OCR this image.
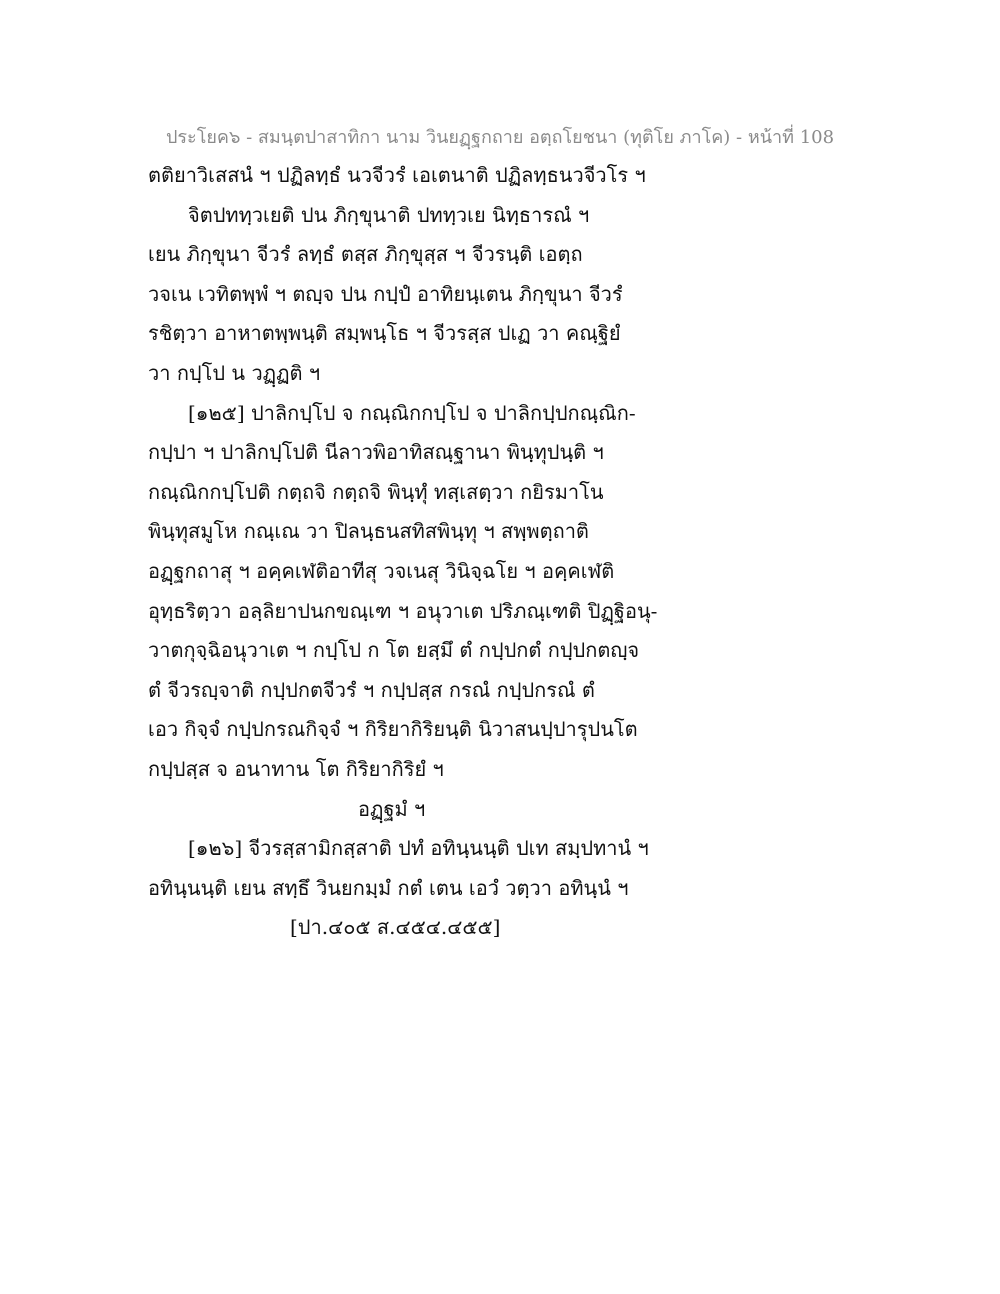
ประโยค๖ - สมนฺตปาสาทิกา นาม วินยฏฺฐกถาย อตฺถโยชนา (ทุติโย ภาโค) - หน้าที่ 108
ตติยาวิเสสนํ ฯ ปฏิลทฺธํ นวจีวรํ เอเตนาติ ปฏิลทฺธนวจีวโร ฯ
จิตปททฺวเยติ ปน ภิกฺขุนาติ ปททฺวเย นิทฺธารณํ ฯ
เยน ภิกฺขุนา จีวรํ ลทฺธํ ตสฺส ภิกฺขุสฺส ฯ จีวรนฺติ เอตฺถ
วจเน เวทิตพฺพํ ฯ ตญฺจ ปน กปฺปํ อาทิยนฺเตน ภิกฺขุนา จีวรํ
รชิตฺวา อาหาตพฺพนฺติ สมฺพนฺโธ ฯ จีวรสฺส ปเฏ วา คณฺฐิยํ
วา กปฺโป น วฏฺฏติ ฯ
[๑๒๕] ปาลิกปฺโป จ กณฺณิกกปฺโป จ ปาลิกปฺปกณฺณิก-
กปฺปา ฯ ปาลิกปฺโปติ นีลาวพิอาทิสณฺฐานา พินฺทุปนฺติ ฯ
กณฺณิกกปฺโปติ กตฺถจิ กตฺถจิ พินฺทุํ ทสฺเสตฺวา กยิรมาโน
พินฺทุสมูโห กณฺเณ วา ปิลนฺธนสทิสพินฺทุ ฯ สพฺพตฺถาติ
อฏฺฐกถาสุ ฯ อคฺคเฬติอาทีสุ วจเนสุ วินิจฺฉโย ฯ อคฺคเฬติ
อุทฺธริตฺวา อลฺลิยาปนกขณฺเฑ ฯ อนุวาเต ปริภณฺเฑติ ปิฏฺฐิอนุ-
วาตกุจฺฉิอนุวาเต ฯ กปฺโป ก โต ยสฺมึ ตํ กปฺปกตํ กปฺปกตญฺจ
ตํ จีวรญฺจาติ กปฺปกตจีวรํ ฯ กปฺปสฺส กรณํ กปฺปกรณํ ตํ
เอว กิจฺจํ กปฺปกรณกิจฺจํ ฯ กิริยากิริยนฺติ นิวาสนปฺปารุปนโต
กปฺปสฺส จ อนาทาน โต กิริยากิริยํ ฯ
อฏฺฐมํ ฯ
[๑๒๖] จีวรสฺสามิกสฺสาติ ปทํ อทินฺนนฺติ ปเท สมฺปทานํ ฯ
อทินฺนนฺติ เยน สทฺธึ วินยกมฺมํ กตํ เตน เอวํ วตฺวา อทินฺนํ ฯ
[ปา.๔๐๕ ส.๔๕๔.๔๕๕]
